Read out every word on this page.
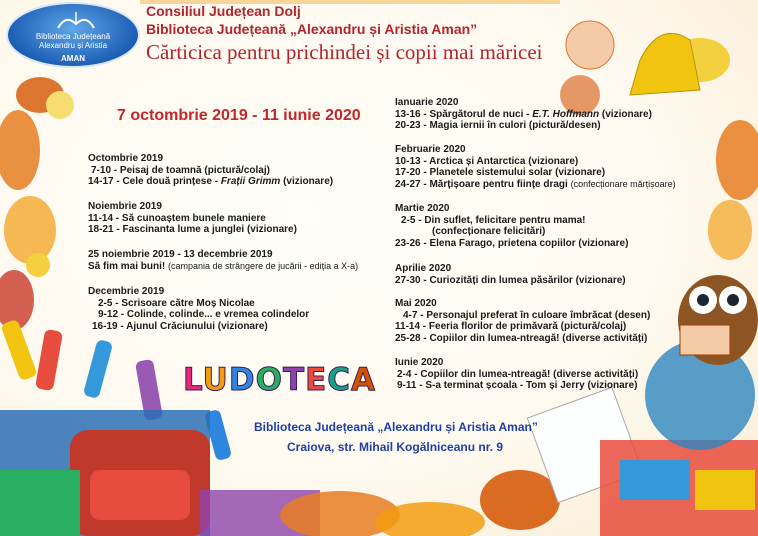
Biblioteca Județeană
Alexandru și Aristia
AMAN
Consiliul Județean Dolj
Biblioteca Județeană „Alexandru și Aristia Aman”
Cărticica pentru prichindei și copii mai măricei
7 octombrie 2019 - 11 iunie 2020
Octombrie 2019
7-10 - Peisaj de toamnă (pictură/colaj)
14-17 - Cele două prințese - Frații Grimm (vizionare)
Noiembrie 2019
11-14 - Să cunoaștem bunele maniere
18-21 - Fascinanta lume a junglei (vizionare)
25 noiembrie 2019 - 13 decembrie 2019
Să fim mai buni! (campania de strângere de jucării - ediția a X-a)
Decembrie 2019
2-5 - Scrisoare către Moș Nicolae
9-12 - Colinde, colinde... e vremea colindelor
16-19 - Ajunul Crăciunului (vizionare)
Ianuarie 2020
13-16 - Spărgătorul de nuci - E.T. Hoffmann (vizionare)
20-23 - Magia iernii în culori (pictură/desen)
Februarie 2020
10-13 - Arctica și Antarctica (vizionare)
17-20 - Planetele sistemului solar (vizionare)
24-27 - Mărțișoare pentru ființe dragi (confecționare mărțișoare)
Martie 2020
2-5 - Din suflet, felicitare pentru mama!
(confecționare felicitări)
23-26 - Elena Farago, prietena copiilor (vizionare)
Aprilie 2020
27-30 - Curiozități din lumea păsărilor (vizionare)
Mai 2020
4-7 - Personajul preferat în culoare îmbrăcat (desen)
11-14 - Feeria florilor de primăvară (pictură/colaj)
25-28 - Copiilor din lumea-ntreagă! (diverse activități)
Iunie 2020
2-4 - Copiilor din lumea-ntreagă! (diverse activități)
9-11 - S-a terminat școala - Tom și Jerry (vizionare)
LUDOTECA
Biblioteca Județeană „Alexandru și Aristia Aman”
Craiova, str. Mihail Kogălniceanu nr. 9
